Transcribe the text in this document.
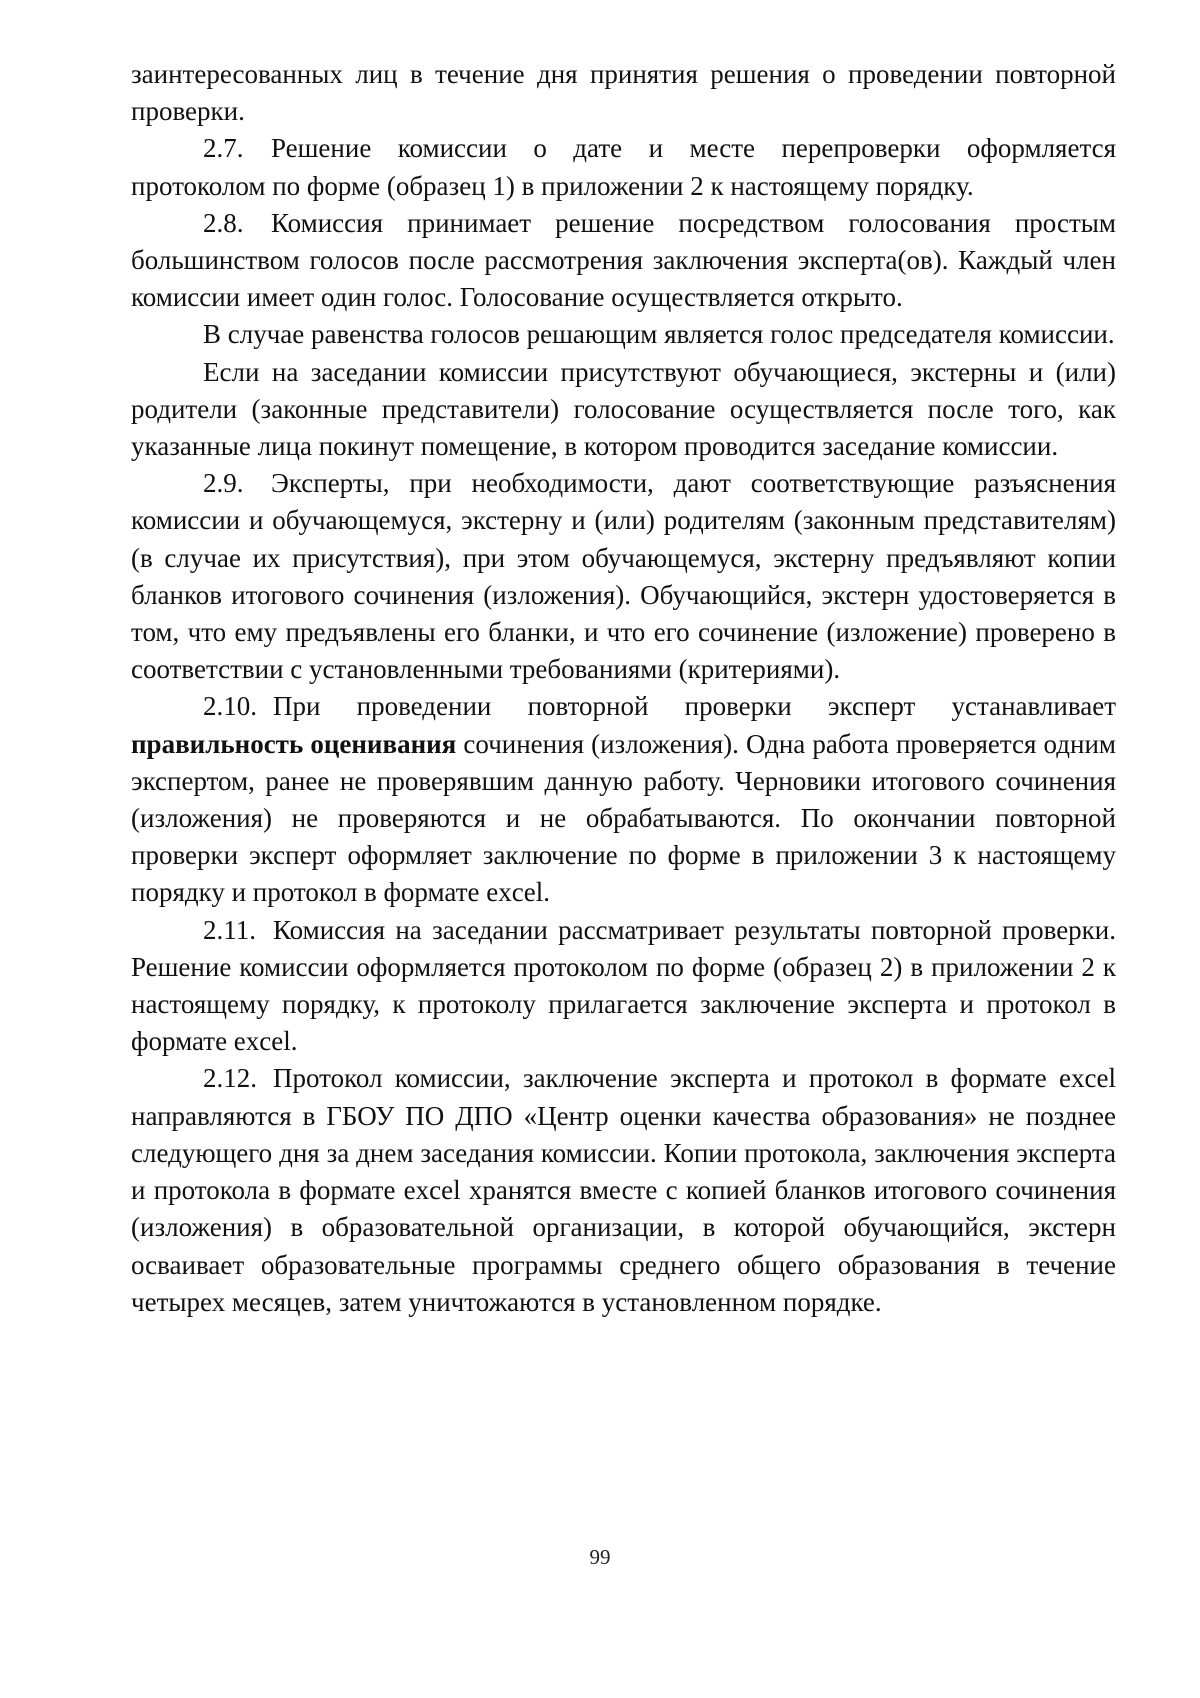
заинтересованных лиц в течение дня принятия решения о проведении повторной проверки.

2.7. Решение комиссии о дате и месте перепроверки оформляется протоколом по форме (образец 1) в приложении 2 к настоящему порядку.

2.8. Комиссия принимает решение посредством голосования простым большинством голосов после рассмотрения заключения эксперта(ов). Каждый член комиссии имеет один голос. Голосование осуществляется открыто.

В случае равенства голосов решающим является голос председателя комиссии.

Если на заседании комиссии присутствуют обучающиеся, экстерны и (или) родители (законные представители) голосование осуществляется после того, как указанные лица покинут помещение, в котором проводится заседание комиссии.

2.9. Эксперты, при необходимости, дают соответствующие разъяснения комиссии и обучающемуся, экстерну и (или) родителям (законным представителям) (в случае их присутствия), при этом обучающемуся, экстерну предъявляют копии бланков итогового сочинения (изложения). Обучающийся, экстерн удостоверяется в том, что ему предъявлены его бланки, и что его сочинение (изложение) проверено в соответствии с установленными требованиями (критериями).

2.10. При проведении повторной проверки эксперт устанавливает правильность оценивания сочинения (изложения). Одна работа проверяется одним экспертом, ранее не проверявшим данную работу. Черновики итогового сочинения (изложения) не проверяются и не обрабатываются. По окончании повторной проверки эксперт оформляет заключение по форме в приложении 3 к настоящему порядку и протокол в формате excel.

2.11. Комиссия на заседании рассматривает результаты повторной проверки. Решение комиссии оформляется протоколом по форме (образец 2) в приложении 2 к настоящему порядку, к протоколу прилагается заключение эксперта и протокол в формате excel.

2.12. Протокол комиссии, заключение эксперта и протокол в формате excel направляются в ГБОУ ПО ДПО «Центр оценки качества образования» не позднее следующего дня за днем заседания комиссии. Копии протокола, заключения эксперта и протокола в формате excel хранятся вместе с копией бланков итогового сочинения (изложения) в образовательной организации, в которой обучающийся, экстерн осваивает образовательные программы среднего общего образования в течение четырех месяцев, затем уничтожаются в установленном порядке.

99
